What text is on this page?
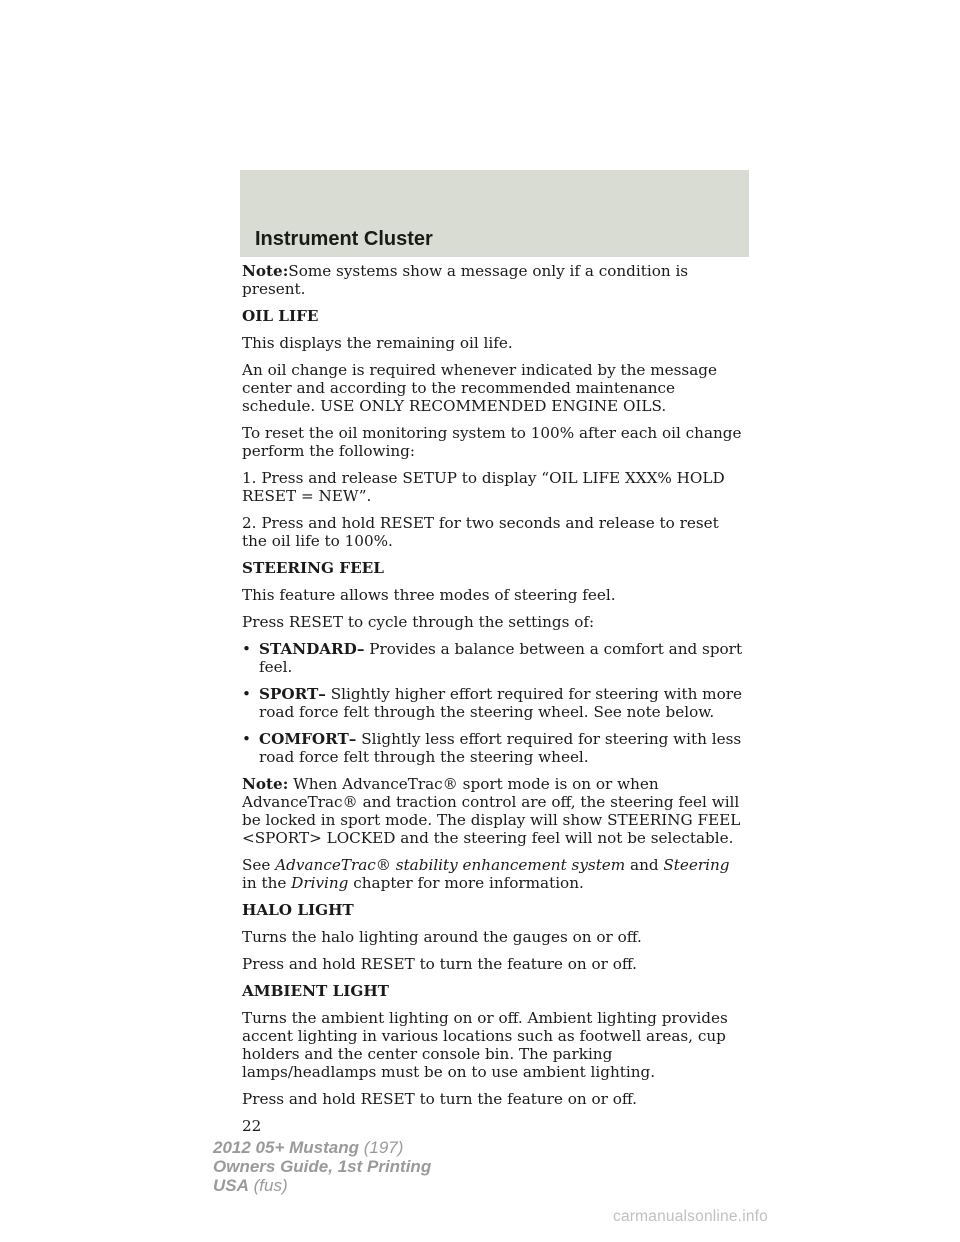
Instrument Cluster

Note:Some systems show a message only if a condition is present.

OIL LIFE

This displays the remaining oil life.

An oil change is required whenever indicated by the message center and according to the recommended maintenance schedule. USE ONLY RECOMMENDED ENGINE OILS.

To reset the oil monitoring system to 100% after each oil change perform the following:

1. Press and release SETUP to display “OIL LIFE XXX% HOLD RESET = NEW”.

2. Press and hold RESET for two seconds and release to reset the oil life to 100%.

STEERING FEEL

This feature allows three modes of steering feel.

Press RESET to cycle through the settings of:

• STANDARD– Provides a balance between a comfort and sport feel.
• SPORT– Slightly higher effort required for steering with more road force felt through the steering wheel. See note below.
• COMFORT– Slightly less effort required for steering with less road force felt through the steering wheel.

Note: When AdvanceTrac® sport mode is on or when AdvanceTrac® and traction control are off, the steering feel will be locked in sport mode. The display will show STEERING FEEL <SPORT> LOCKED and the steering feel will not be selectable.

See AdvanceTrac® stability enhancement system and Steering in the Driving chapter for more information.

HALO LIGHT

Turns the halo lighting around the gauges on or off.

Press and hold RESET to turn the feature on or off.

AMBIENT LIGHT

Turns the ambient lighting on or off. Ambient lighting provides accent lighting in various locations such as footwell areas, cup holders and the center console bin. The parking lamps/headlamps must be on to use ambient lighting.

Press and hold RESET to turn the feature on or off.

22

2012 05+ Mustang (197)
Owners Guide, 1st Printing
USA (fus)
carmanualsonline.info
